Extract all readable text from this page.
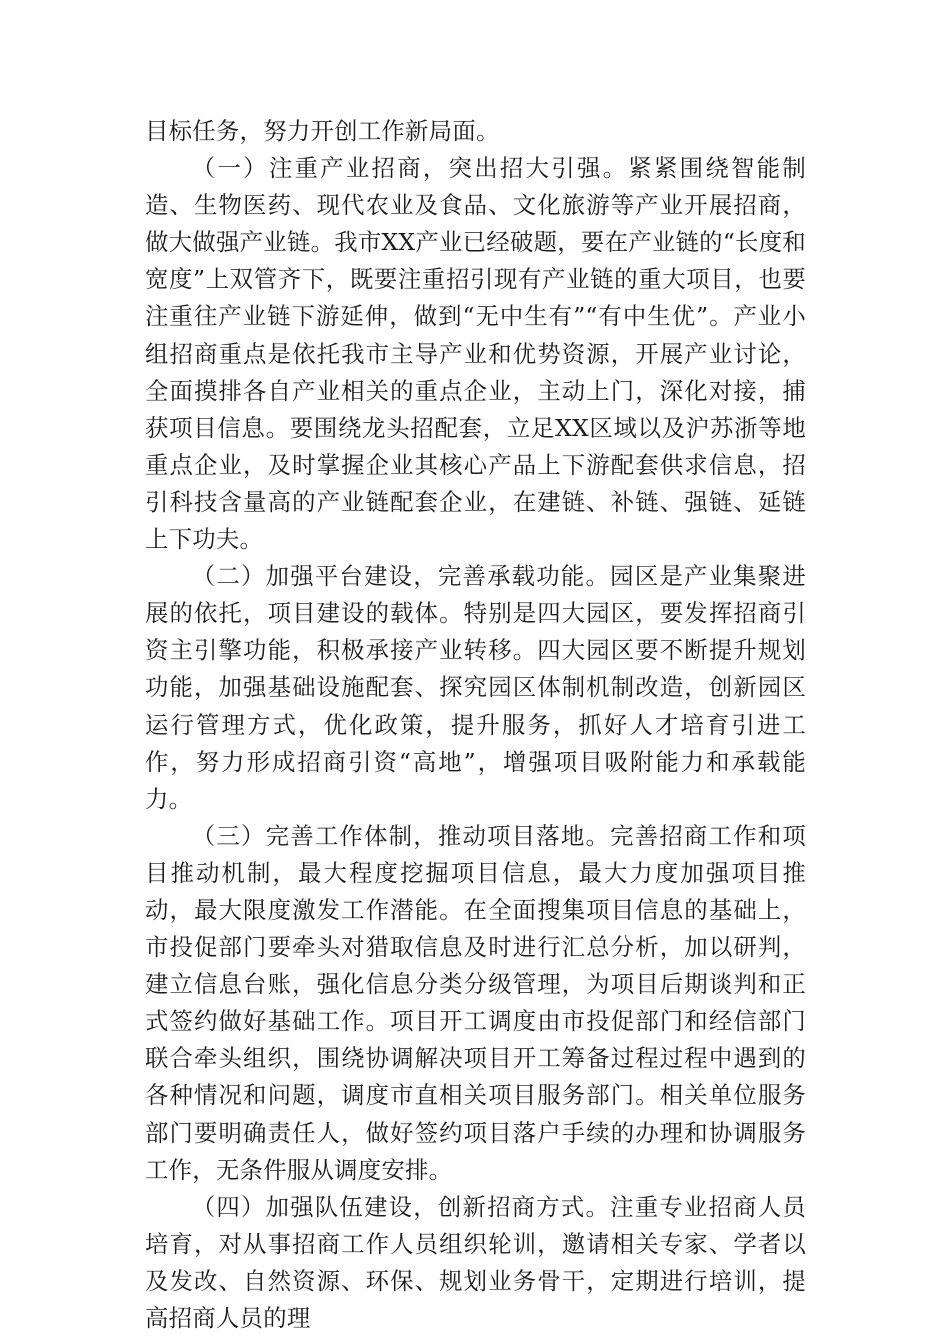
目标任务，努力开创工作新局面。

（一）注重产业招商，突出招大引强。紧紧围绕智能制造、生物医药、现代农业及食品、文化旅游等产业开展招商，做大做强产业链。我市XX产业已经破题，要在产业链的“长度和宽度”上双管齐下，既要注重招引现有产业链的重大项目，也要注重往产业链下游延伸，做到“无中生有”“有中生优”。产业小组招商重点是依托我市主导产业和优势资源，开展产业讨论，全面摸排各自产业相关的重点企业，主动上门，深化对接，捕获项目信息。要围绕龙头招配套，立足XX区域以及沪苏浙等地重点企业，及时掌握企业其核心产品上下游配套供求信息，招引科技含量高的产业链配套企业，在建链、补链、强链、延链上下功夫。

（二）加强平台建设，完善承载功能。园区是产业集聚进展的依托，项目建设的载体。特别是四大园区，要发挥招商引资主引擎功能，积极承接产业转移。四大园区要不断提升规划功能，加强基础设施配套、探究园区体制机制改造，创新园区运行管理方式，优化政策，提升服务，抓好人才培育引进工作，努力形成招商引资“高地”，增强项目吸附能力和承载能力。

（三）完善工作体制，推动项目落地。完善招商工作和项目推动机制，最大程度挖掘项目信息，最大力度加强项目推动，最大限度激发工作潜能。在全面搜集项目信息的基础上，市投促部门要牵头对猎取信息及时进行汇总分析，加以研判，建立信息台账，强化信息分类分级管理，为项目后期谈判和正式签约做好基础工作。项目开工调度由市投促部门和经信部门联合牵头组织，围绕协调解决项目开工筹备过程过程中遇到的各种情况和问题，调度市直相关项目服务部门。相关单位服务部门要明确责任人，做好签约项目落户手续的办理和协调服务工作，无条件服从调度安排。

（四）加强队伍建设，创新招商方式。注重专业招商人员培育，对从事招商工作人员组织轮训，邀请相关专家、学者以及发改、自然资源、环保、规划业务骨干，定期进行培训，提高招商人员的理
